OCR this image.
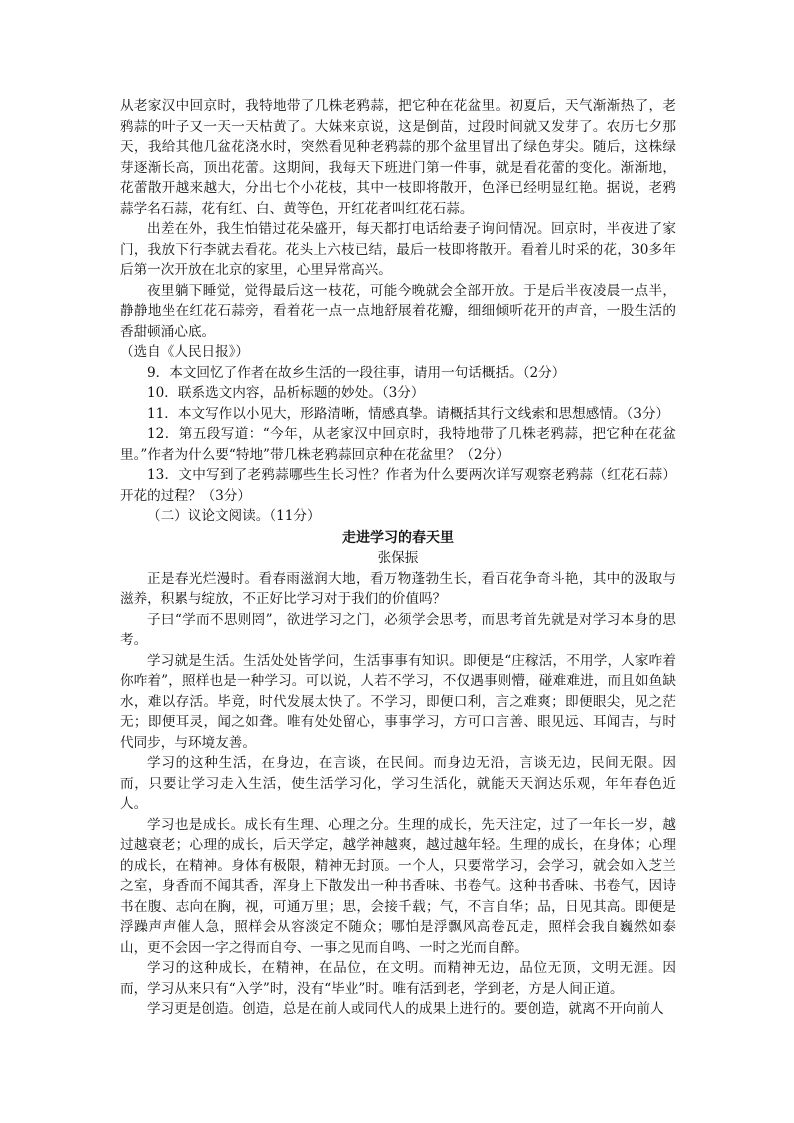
从老家汉中回京时，我特地带了几株老鸦蒜，把它种在花盆里。初夏后，天气渐渐热了，老鸦蒜的叶子又一天一天枯黄了。大妹来京说，这是倒苗，过段时间就又发芽了。农历七夕那天，我给其他几盆花浇水时，突然看见种老鸦蒜的那个盆里冒出了绿色芽尖。随后，这株绿芽逐渐长高，顶出花蕾。这期间，我每天下班进门第一件事，就是看花蕾的变化。渐渐地，花蕾散开越来越大，分出七个小花枝，其中一枝即将散开，色泽已经明显红艳。据说，老鸦蒜学名石蒜，花有红、白、黄等色，开红花者叫红花石蒜。

出差在外，我生怕错过花朵盛开，每天都打电话给妻子询问情况。回京时，半夜进了家门，我放下行李就去看花。花头上六枝已结，最后一枝即将散开。看着儿时采的花，30多年后第一次开放在北京的家里，心里异常高兴。

夜里躺下睡觉，觉得最后这一枝花，可能今晚就会全部开放。于是后半夜凌晨一点半，静静地坐在红花石蒜旁，看着花一点一点地舒展着花瓣，细细倾听花开的声音，一股生活的香甜顿涌心底。

（选自《人民日报》）

9．本文回忆了作者在故乡生活的一段往事，请用一句话概括。（2分）

10．联系选文内容，品析标题的妙处。（3分）

11．本文写作以小见大，形路清晰，情感真挚。请概括其行文线索和思想感情。（3分）

12．第五段写道：“今年，从老家汉中回京时，我特地带了几株老鸦蒜，把它种在花盆里。”作者为什么要“特地”带几株老鸦蒜回京种在花盆里？（2分）

13．文中写到了老鸦蒜哪些生长习性？作者为什么要两次详写观察老鸦蒜（红花石蒜）开花的过程？（3分）

（二）议论文阅读。（11分）

走进学习的春天里

张保振

正是春光烂漫时。看春雨滋润大地，看万物蓬勃生长，看百花争奇斗艳，其中的汲取与滋养，积累与绽放，不正好比学习对于我们的价值吗？

子曰“学而不思则罔”，欲进学习之门，必须学会思考，而思考首先就是对学习本身的思考。

学习就是生活。生活处处皆学问，生活事事有知识。即便是“庄稼活，不用学，人家咋着你咋着”，照样也是一种学习。可以说，人若不学习，不仅遇事则懵，碰难难进，而且如鱼缺水，难以存活。毕竟，时代发展太快了。不学习，即便口利，言之难爽；即便眼尖，见之茫无；即便耳灵，闻之如聋。唯有处处留心，事事学习，方可口言善、眼见远、耳闻吉，与时代同步，与环境友善。

学习的这种生活，在身边，在言谈，在民间。而身边无沿，言谈无边，民间无限。因而，只要让学习走入生活，使生活学习化，学习生活化，就能天天润达乐观，年年春色近人。

学习也是成长。成长有生理、心理之分。生理的成长，先天注定，过了一年长一岁，越过越衰老；心理的成长，后天学定，越学神越爽，越过越年轻。生理的成长，在身体；心理的成长，在精神。身体有极限，精神无封顶。一个人，只要常学习，会学习，就会如入芝兰之室，身香而不闻其香，浑身上下散发出一种书香味、书卷气。这种书香味、书卷气，因诗书在腹、志向在胸，视，可通万里；思，会接千载；气，不言自华；品，日见其高。即便是浮躁声声催人急，照样会从容淡定不随众；哪怕是浮飘风高卷瓦走，照样会我自巍然如泰山，更不会因一字之得而自夸、一事之见而自鸣、一时之光而自醉。

学习的这种成长，在精神，在品位，在文明。而精神无边，品位无顶，文明无涯。因而，学习从来只有“入学”时，没有“毕业”时。唯有活到老，学到老，方是人间正道。

学习更是创造。创造，总是在前人或同代人的成果上进行的。要创造，就离不开向前人
